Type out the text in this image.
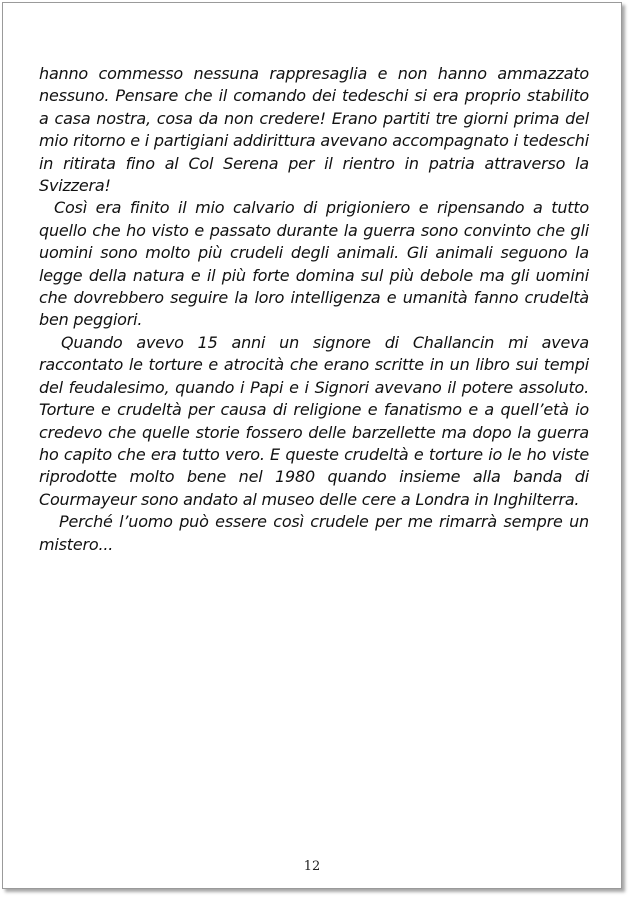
hanno commesso nessuna rappresaglia e non hanno ammazzato nessuno. Pensare che il comando dei tedeschi si era proprio stabilito a casa nostra, cosa da non credere! Erano partiti tre giorni prima del mio ritorno e i partigiani addirittura avevano accompagnato i tedeschi in ritirata fino al Col Serena per il rientro in patria attraverso la Svizzera!

Così era finito il mio calvario di prigioniero e ripensando a tutto quello che ho visto e passato durante la guerra sono convinto che gli uomini sono molto più crudeli degli animali. Gli animali seguono la legge della natura e il più forte domina sul più debole ma gli uomini che dovrebbero seguire la loro intelligenza e umanità fanno crudeltà ben peggiori.

Quando avevo 15 anni un signore di Challancin mi aveva raccontato le torture e atrocità che erano scritte in un libro sui tempi del feudalesimo, quando i Papi e i Signori avevano il potere assoluto. Torture e crudeltà per causa di religione e fanatismo e a quell’età io credevo che quelle storie fossero delle barzellette ma dopo la guerra ho capito che era tutto vero. E queste crudeltà e torture io le ho viste riprodotte molto bene nel 1980 quando insieme alla banda di Courmayeur sono andato al museo delle cere a Londra in Inghilterra.

Perché l’uomo può essere così crudele per me rimarrà sempre un mistero...

12
